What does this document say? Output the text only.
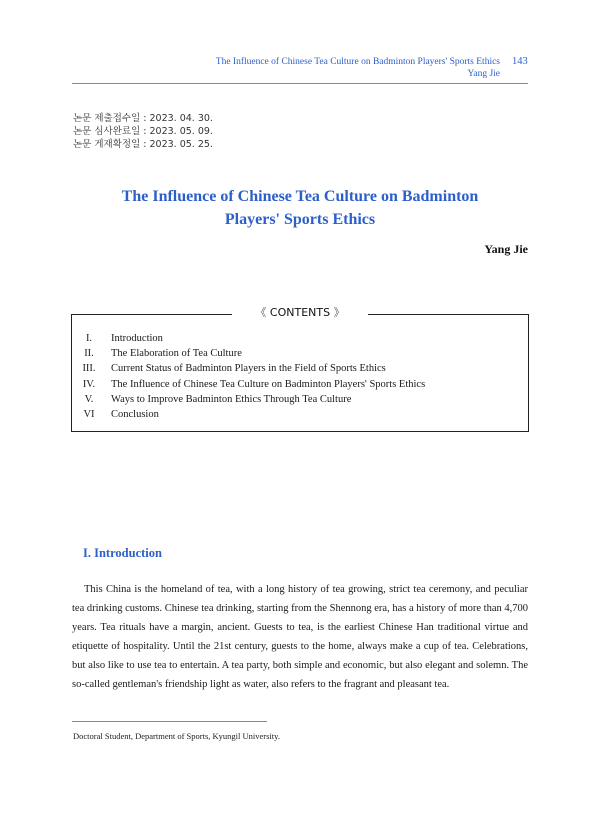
The Influence of Chinese Tea Culture on Badminton Players' Sports Ethics
Yang Jie
143
논문 제출접수일 : 2023. 04. 30.
논문 심사완료일 : 2023. 05. 09.
논문 게재확정일 : 2023. 05. 25.
The Influence of Chinese Tea Culture on Badminton
Players' Sports Ethics
Yang Jie
《 CONTENTS 》
I. Introduction
II. The Elaboration of Tea Culture
III. Current Status of Badminton Players in the Field of Sports Ethics
IV. The Influence of Chinese Tea Culture on Badminton Players' Sports Ethics
V. Ways to Improve Badminton Ethics Through Tea Culture
VI Conclusion
I. Introduction

This China is the homeland of tea, with a long history of tea growing, strict tea ceremony, and peculiar tea drinking customs. Chinese tea drinking, starting from the Shennong era, has a history of more than 4,700 years. Tea rituals have a margin, ancient. Guests to tea, is the earliest Chinese Han traditional virtue and etiquette of hospitality. Until the 21st century, guests to the home, always make a cup of tea. Celebrations, but also like to use tea to entertain. A tea party, both simple and economic, but also elegant and solemn. The so-called gentleman's friendship light as water, also refers to the fragrant and pleasant tea.

Doctoral Student, Department of Sports, Kyungil University.
